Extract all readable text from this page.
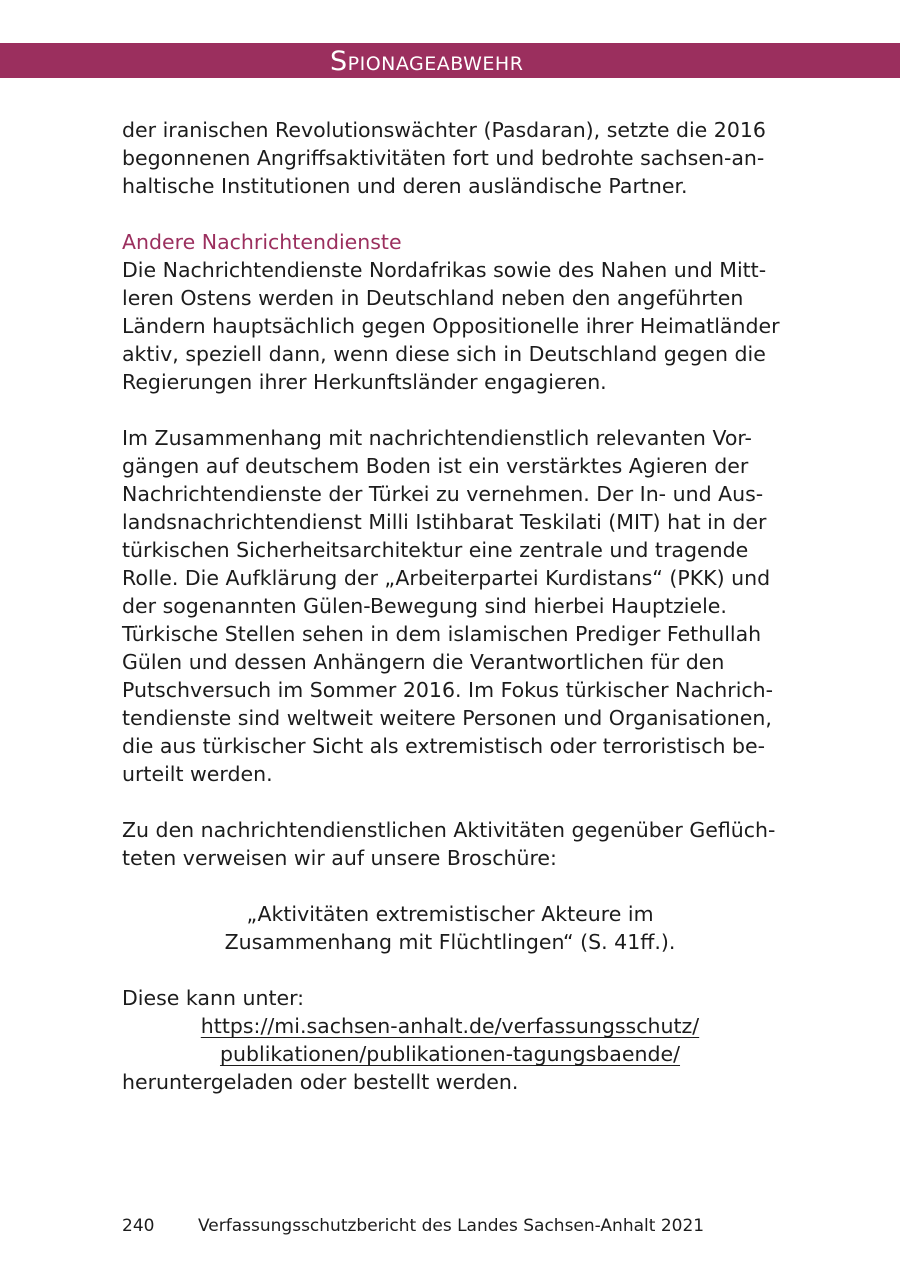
Spionageabwehr

der iranischen Revolutionswächter (Pasdaran), setzte die 2016
begonnenen Angriffsaktivitäten fort und bedrohte sachsen-an-
haltische Institutionen und deren ausländische Partner.

Andere Nachrichtendienste

Die Nachrichtendienste Nordafrikas sowie des Nahen und Mitt-
leren Ostens werden in Deutschland neben den angeführten
Ländern hauptsächlich gegen Oppositionelle ihrer Heimatländer
aktiv, speziell dann, wenn diese sich in Deutschland gegen die
Regierungen ihrer Herkunftsländer engagieren.

Im Zusammenhang mit nachrichtendienstlich relevanten Vor-
gängen auf deutschem Boden ist ein verstärktes Agieren der
Nachrichtendienste der Türkei zu vernehmen. Der In- und Aus-
landsnachrichtendienst Milli Istihbarat Teskilati (MIT) hat in der
türkischen Sicherheitsarchitektur eine zentrale und tragende
Rolle. Die Aufklärung der „Arbeiterpartei Kurdistans“ (PKK) und
der sogenannten Gülen-Bewegung sind hierbei Hauptziele.
Türkische Stellen sehen in dem islamischen Prediger Fethullah
Gülen und dessen Anhängern die Verantwortlichen für den
Putschversuch im Sommer 2016. Im Fokus türkischer Nachrich-
tendienste sind weltweit weitere Personen und Organisationen,
die aus türkischer Sicht als extremistisch oder terroristisch be-
urteilt werden.

Zu den nachrichtendienstlichen Aktivitäten gegenüber Geflüch-
teten verweisen wir auf unsere Broschüre:

„Aktivitäten extremistischer Akteure im
Zusammenhang mit Flüchtlingen“ (S. 41ff.).

Diese kann unter:
https://mi.sachsen-anhalt.de/verfassungsschutz/
publikationen/publikationen-tagungsbaende/
heruntergeladen oder bestellt werden.

240	Verfassungsschutzbericht des Landes Sachsen-Anhalt 2021
